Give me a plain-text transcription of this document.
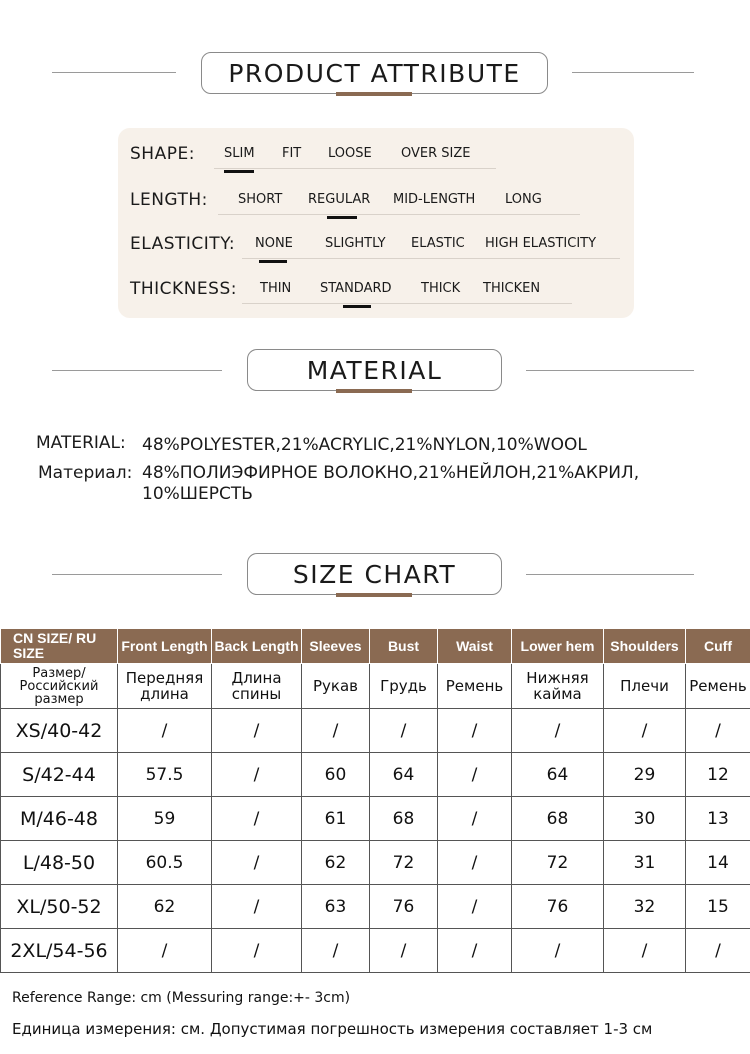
PRODUCT ATTRIBUTE
SHAPE: SLIM FIT LOOSE OVER SIZE
LENGTH: SHORT REGULAR MID-LENGTH LONG
ELASTICITY: NONE SLIGHTLY ELASTIC HIGH ELASTICITY
THICKNESS: THIN STANDARD THICK THICKEN
MATERIAL
MATERIAL: 48%POLYESTER,21%ACRYLIC,21%NYLON,10%WOOL
Материал: 48%ПОЛИЭФИРНОЕ ВОЛОКНО,21%НЕЙЛОН,21%АКРИЛ,
10%ШЕРСТЬ
SIZE CHART
CN SIZE/ RU SIZE	Front Length	Back Length	Sleeves	Bust	Waist	Lower hem	Shoulders	Cuff
Размер/ Российский размер	Передняя длина	Длина спины	Рукав	Грудь	Ремень	Нижняя кайма	Плечи	Ремень
XS/40-42	/	/	/	/	/	/	/	/
S/42-44	57.5	/	60	64	/	64	29	12
M/46-48	59	/	61	68	/	68	30	13
L/48-50	60.5	/	62	72	/	72	31	14
XL/50-52	62	/	63	76	/	76	32	15
2XL/54-56	/	/	/	/	/	/	/	/
Reference Range: cm (Messuring range:+- 3cm)
Единица измерения: см. Допустимая погрешность измерения составляет 1-3 см
